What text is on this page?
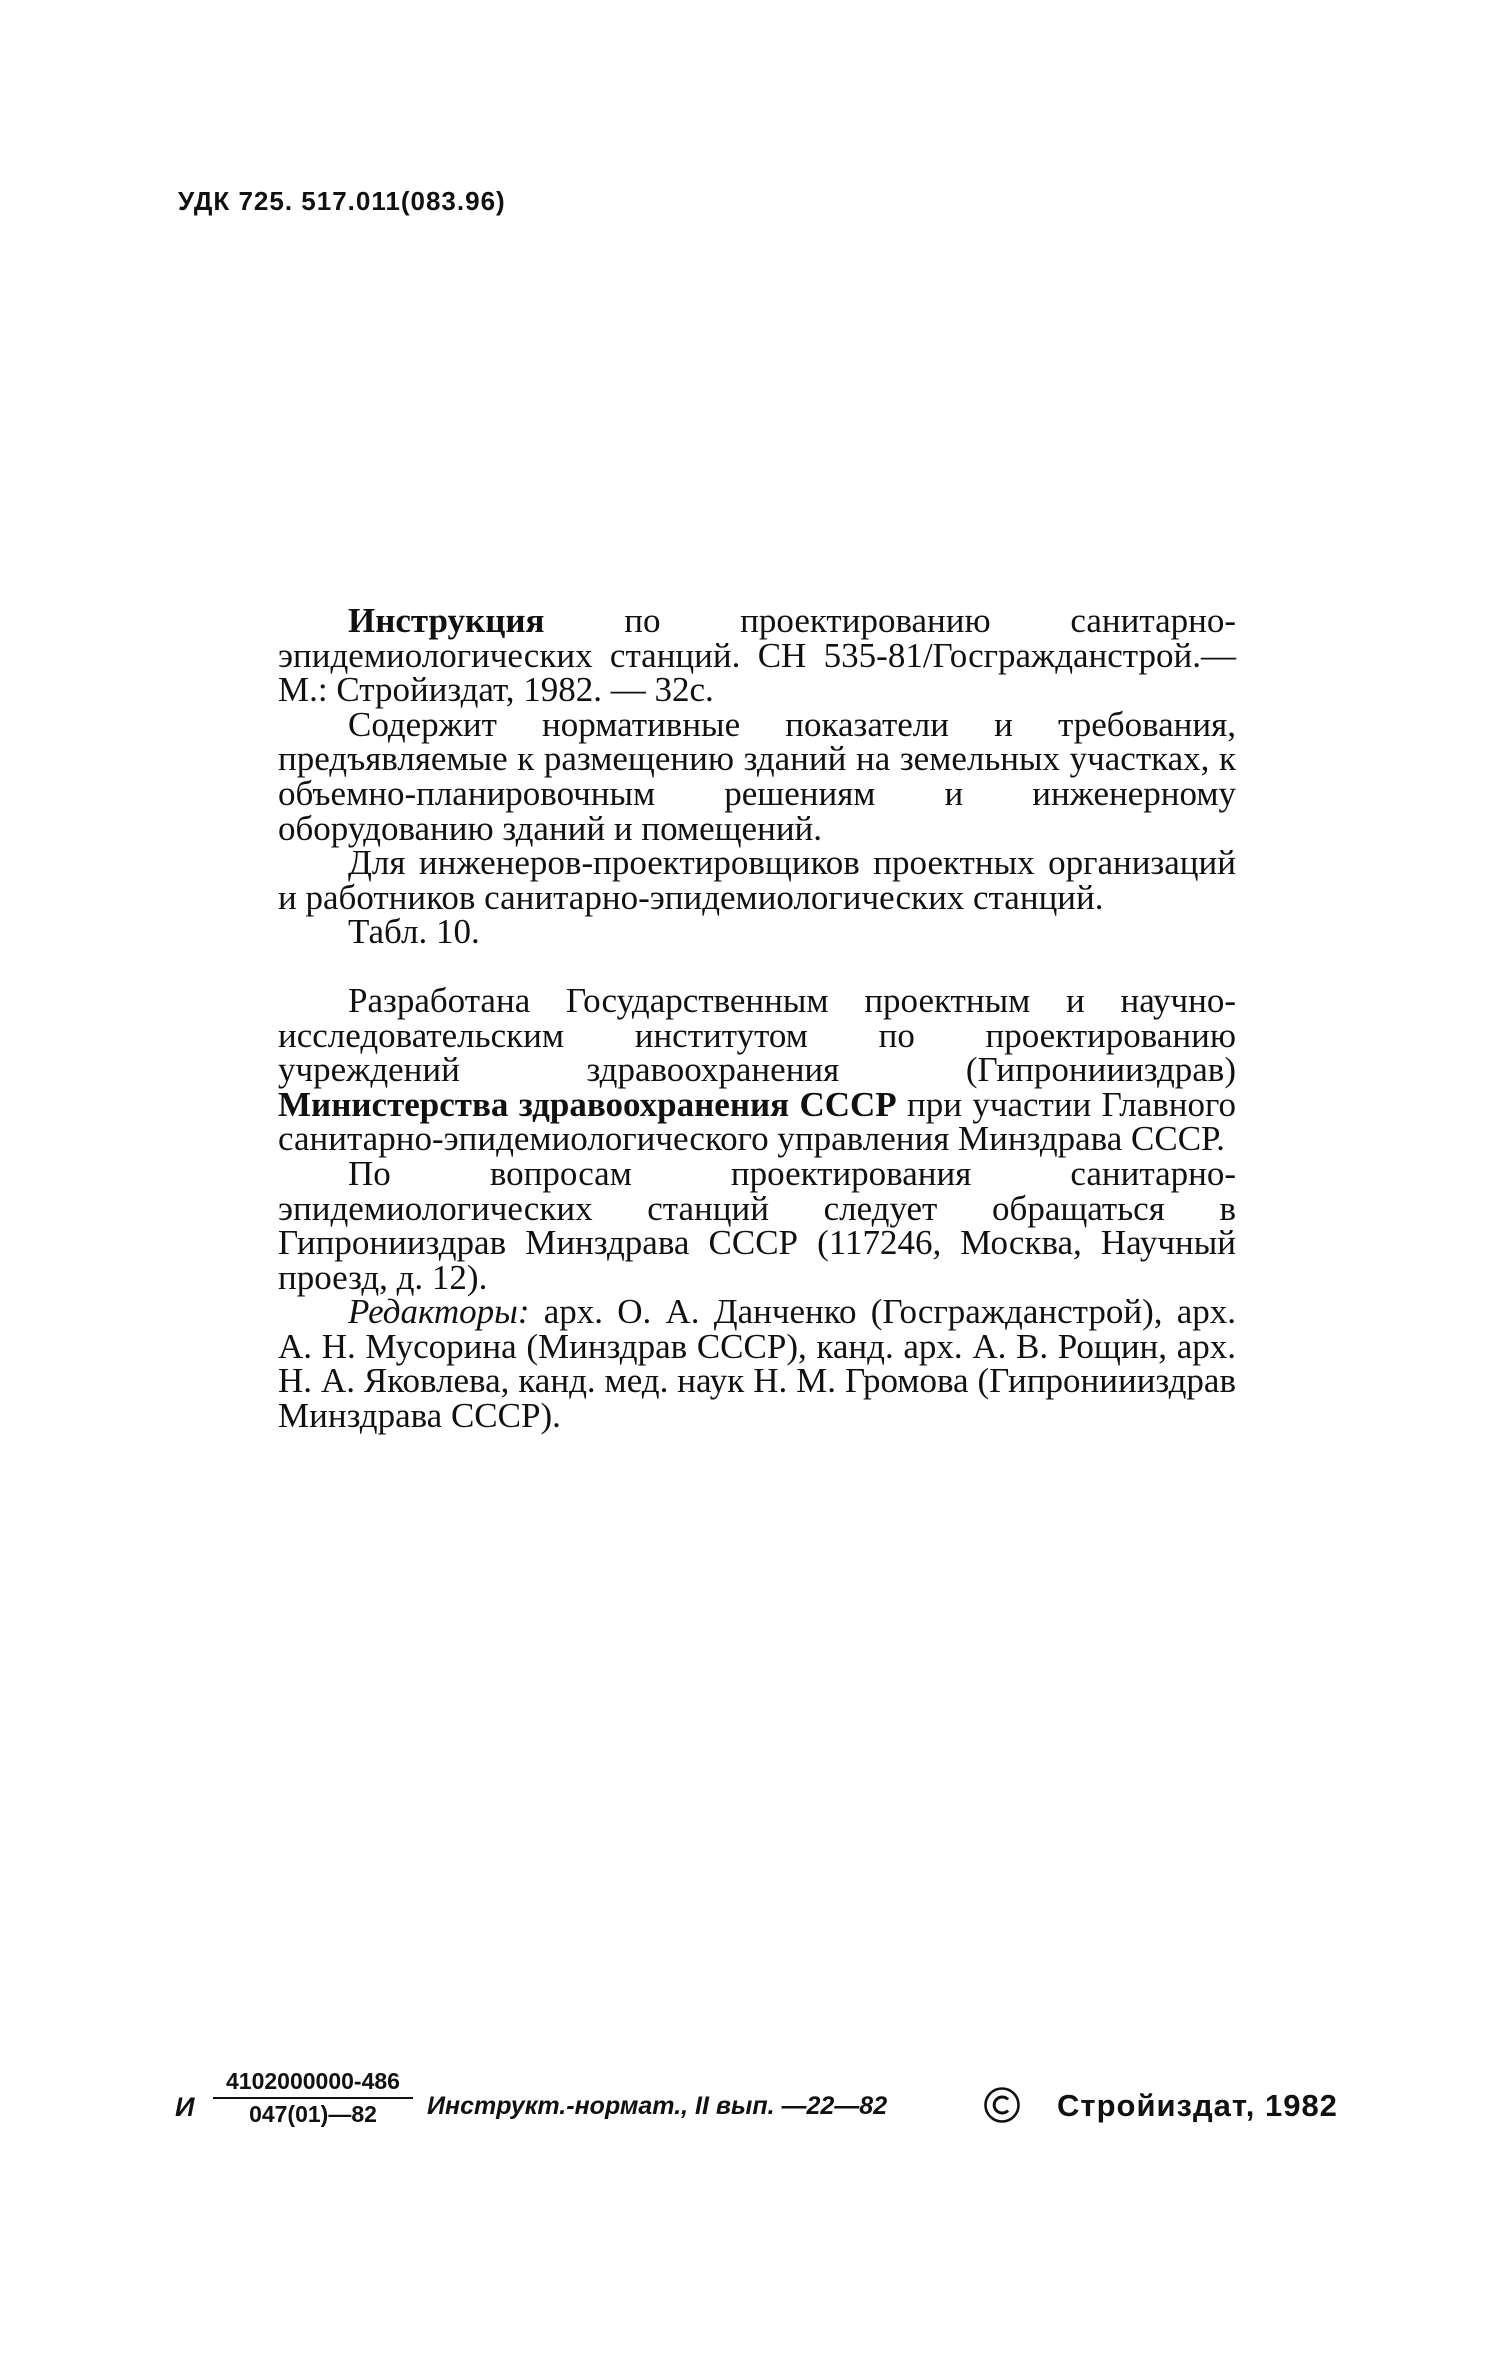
УДК 725. 517.011(083.96)

Инструкция по проектированию санитарно-эпидемиологических станций. СН 535-81/Госгражданстрой.— М.: Стройиздат, 1982. — 32с.

Содержит нормативные показатели и требования, предъявляемые к размещению зданий на земельных участках, к объемно-планировочным решениям и инженерному оборудованию зданий и помещений.

Для инженеров-проектировщиков проектных организаций и работников санитарно-эпидемиологических станций.

Табл. 10.

Разработана Государственным проектным и научно-исследовательским институтом по проектированию учреждений здравоохранения (Гипрониииздрав) Министерства здравоохранения СССР при участии Главного санитарно-эпидемиологического управления Минздрава СССР.

По вопросам проектирования санитарно-эпидемиологических станций следует обращаться в Гипронииздрав Минздрава СССР (117246, Москва, Научный проезд, д. 12).

Редакторы: арх. О. А. Данченко (Госгражданстрой), арх. А. Н. Мусорина (Минздрав СССР), канд. арх. А. В. Рощин, арх. Н. А. Яковлева, канд. мед. наук Н. М. Громова (Гипрониииздрав Минздрава СССР).

И
4102000000-486
047(01)—82	Инструкт.-нормат., II вып. —22—82	Стройиздат, 1982
